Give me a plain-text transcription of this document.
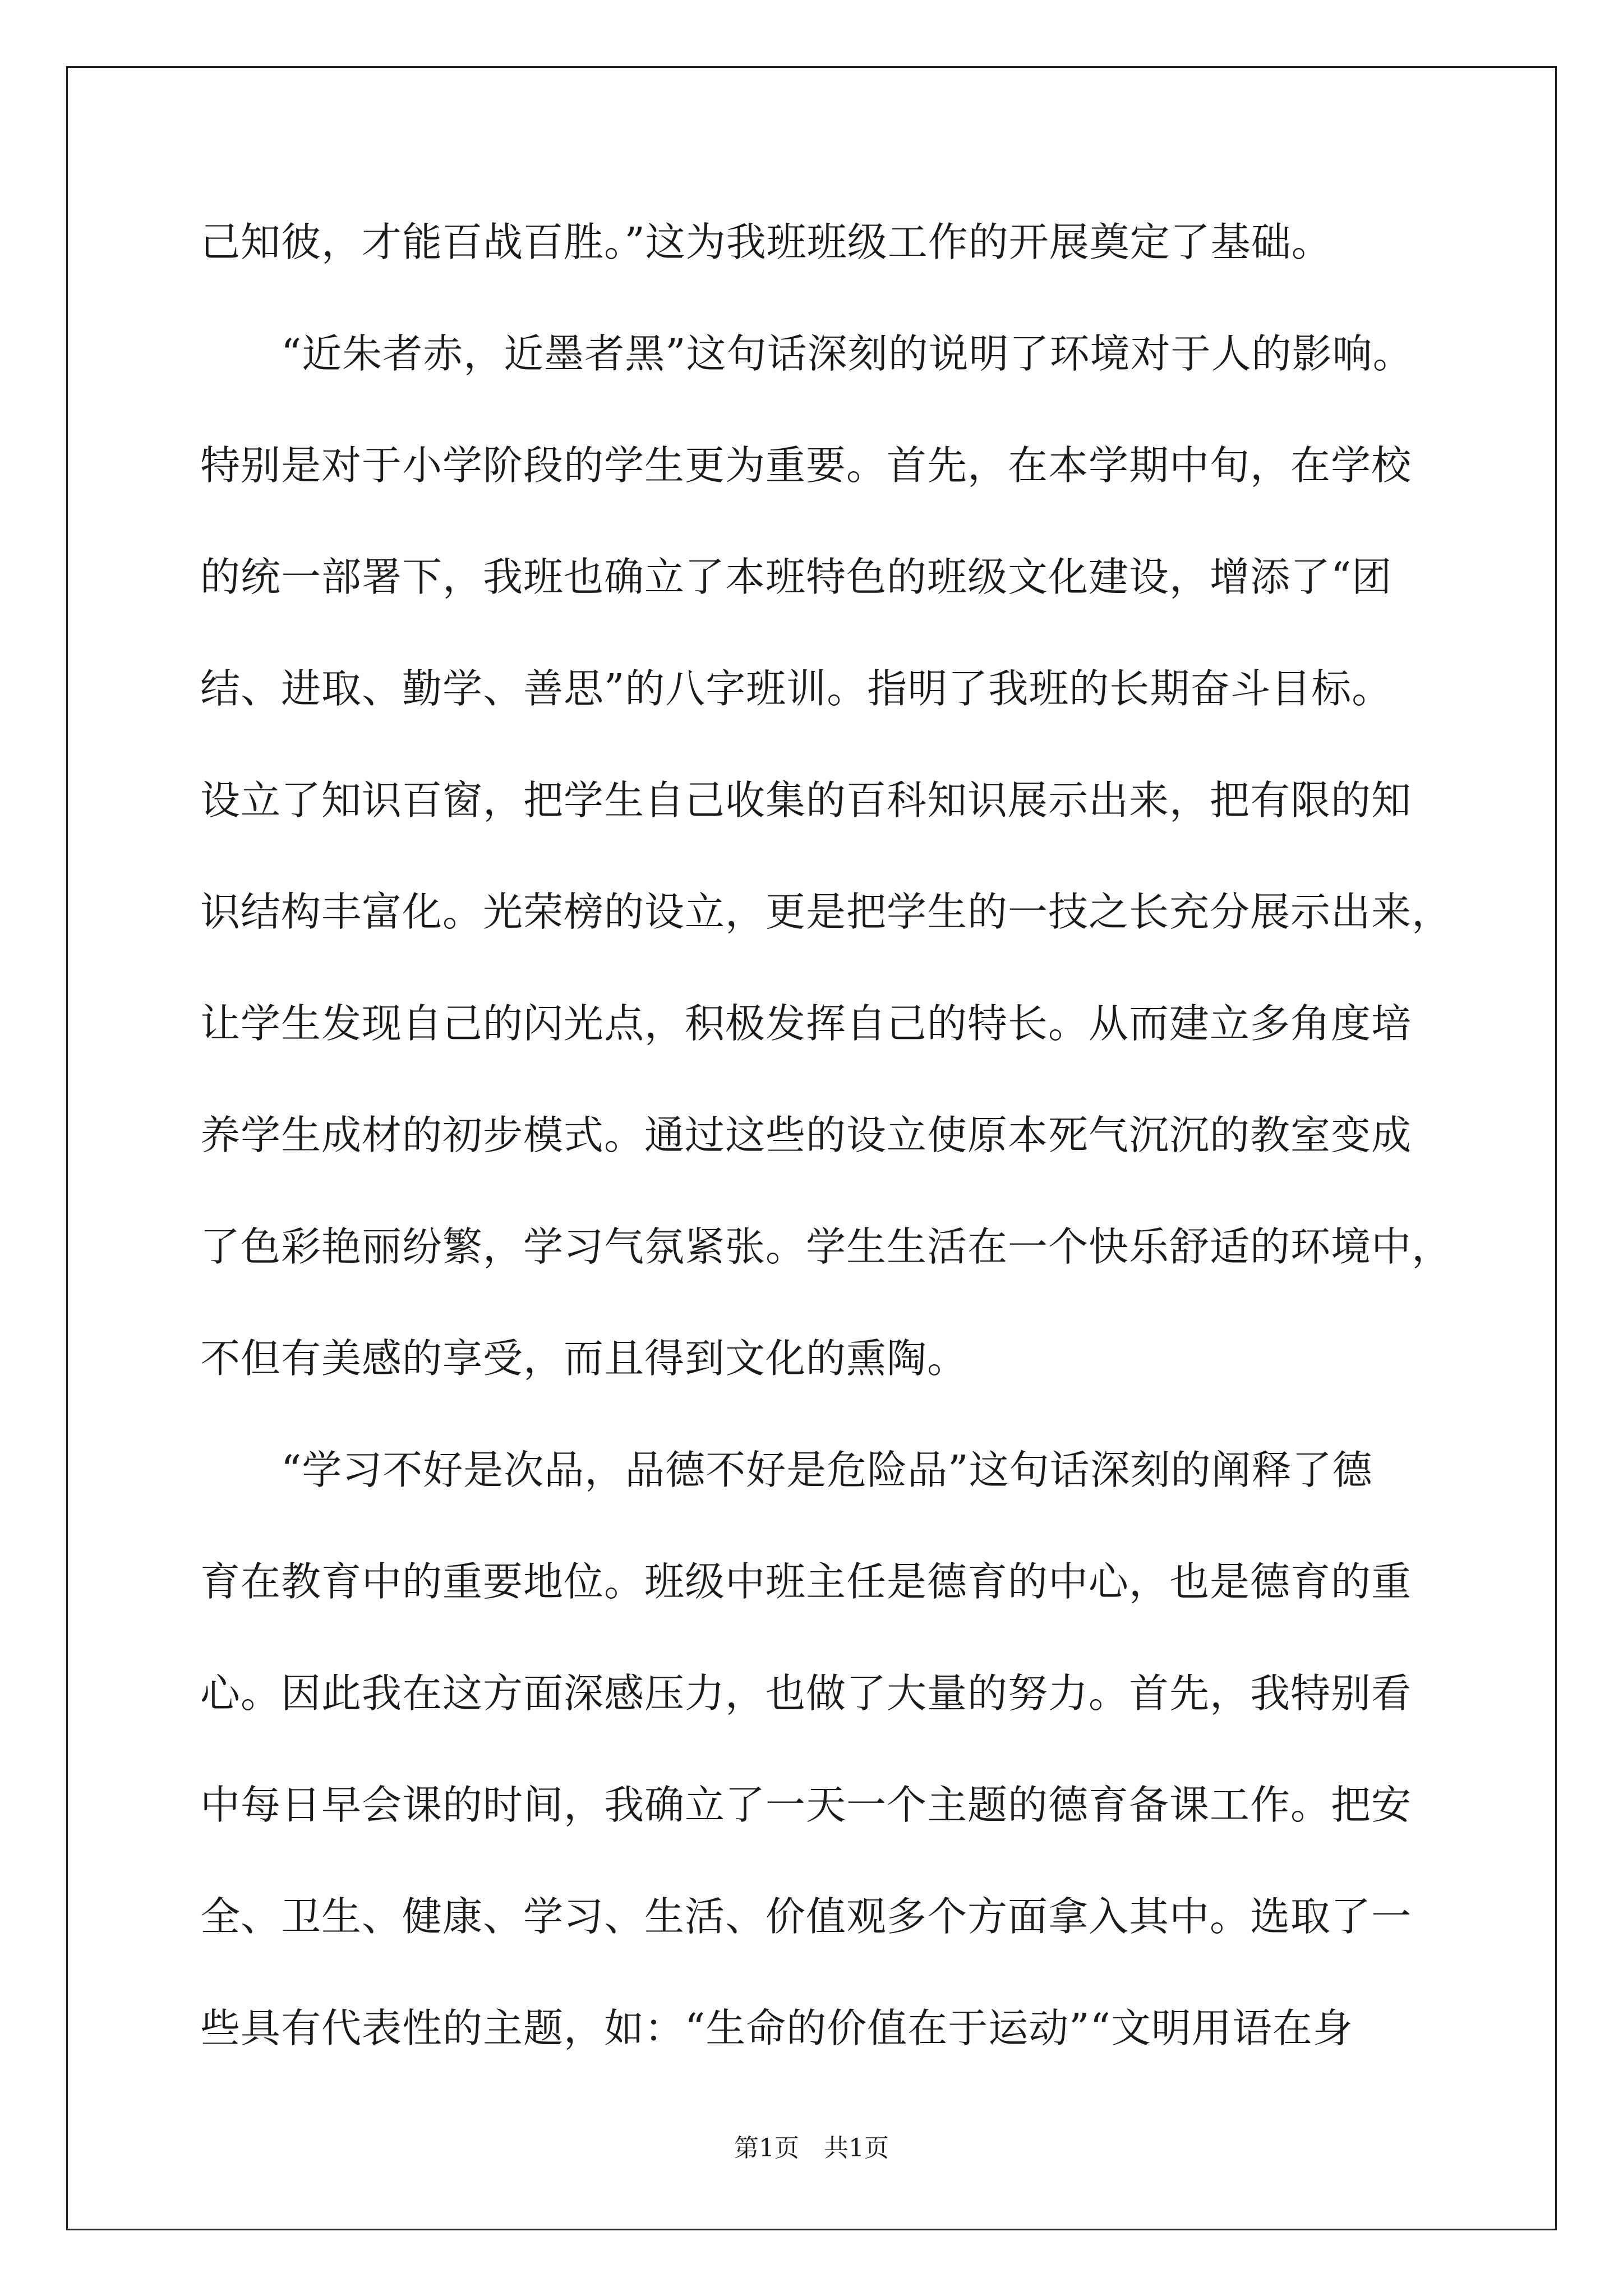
己知彼，才能百战百胜。”这为我班班级工作的开展奠定了基础。
　　“近朱者赤，近墨者黑”这句话深刻的说明了环境对于人的影响。
特别是对于小学阶段的学生更为重要。首先，在本学期中旬，在学校
的统一部署下，我班也确立了本班特色的班级文化建设，增添了“团
结、进取、勤学、善思”的八字班训。指明了我班的长期奋斗目标。
设立了知识百窗，把学生自己收集的百科知识展示出来，把有限的知
识结构丰富化。光荣榜的设立，更是把学生的一技之长充分展示出来，
让学生发现自己的闪光点，积极发挥自己的特长。从而建立多角度培
养学生成材的初步模式。通过这些的设立使原本死气沉沉的教室变成
了色彩艳丽纷繁，学习气氛紧张。学生生活在一个快乐舒适的环境中，
不但有美感的享受，而且得到文化的熏陶。
　　“学习不好是次品，品德不好是危险品”这句话深刻的阐释了德
育在教育中的重要地位。班级中班主任是德育的中心，也是德育的重
心。因此我在这方面深感压力，也做了大量的努力。首先，我特别看
中每日早会课的时间，我确立了一天一个主题的德育备课工作。把安
全、卫生、健康、学习、生活、价值观多个方面拿入其中。选取了一
些具有代表性的主题，如：“生命的价值在于运动”“文明用语在身
第1页　共1页
